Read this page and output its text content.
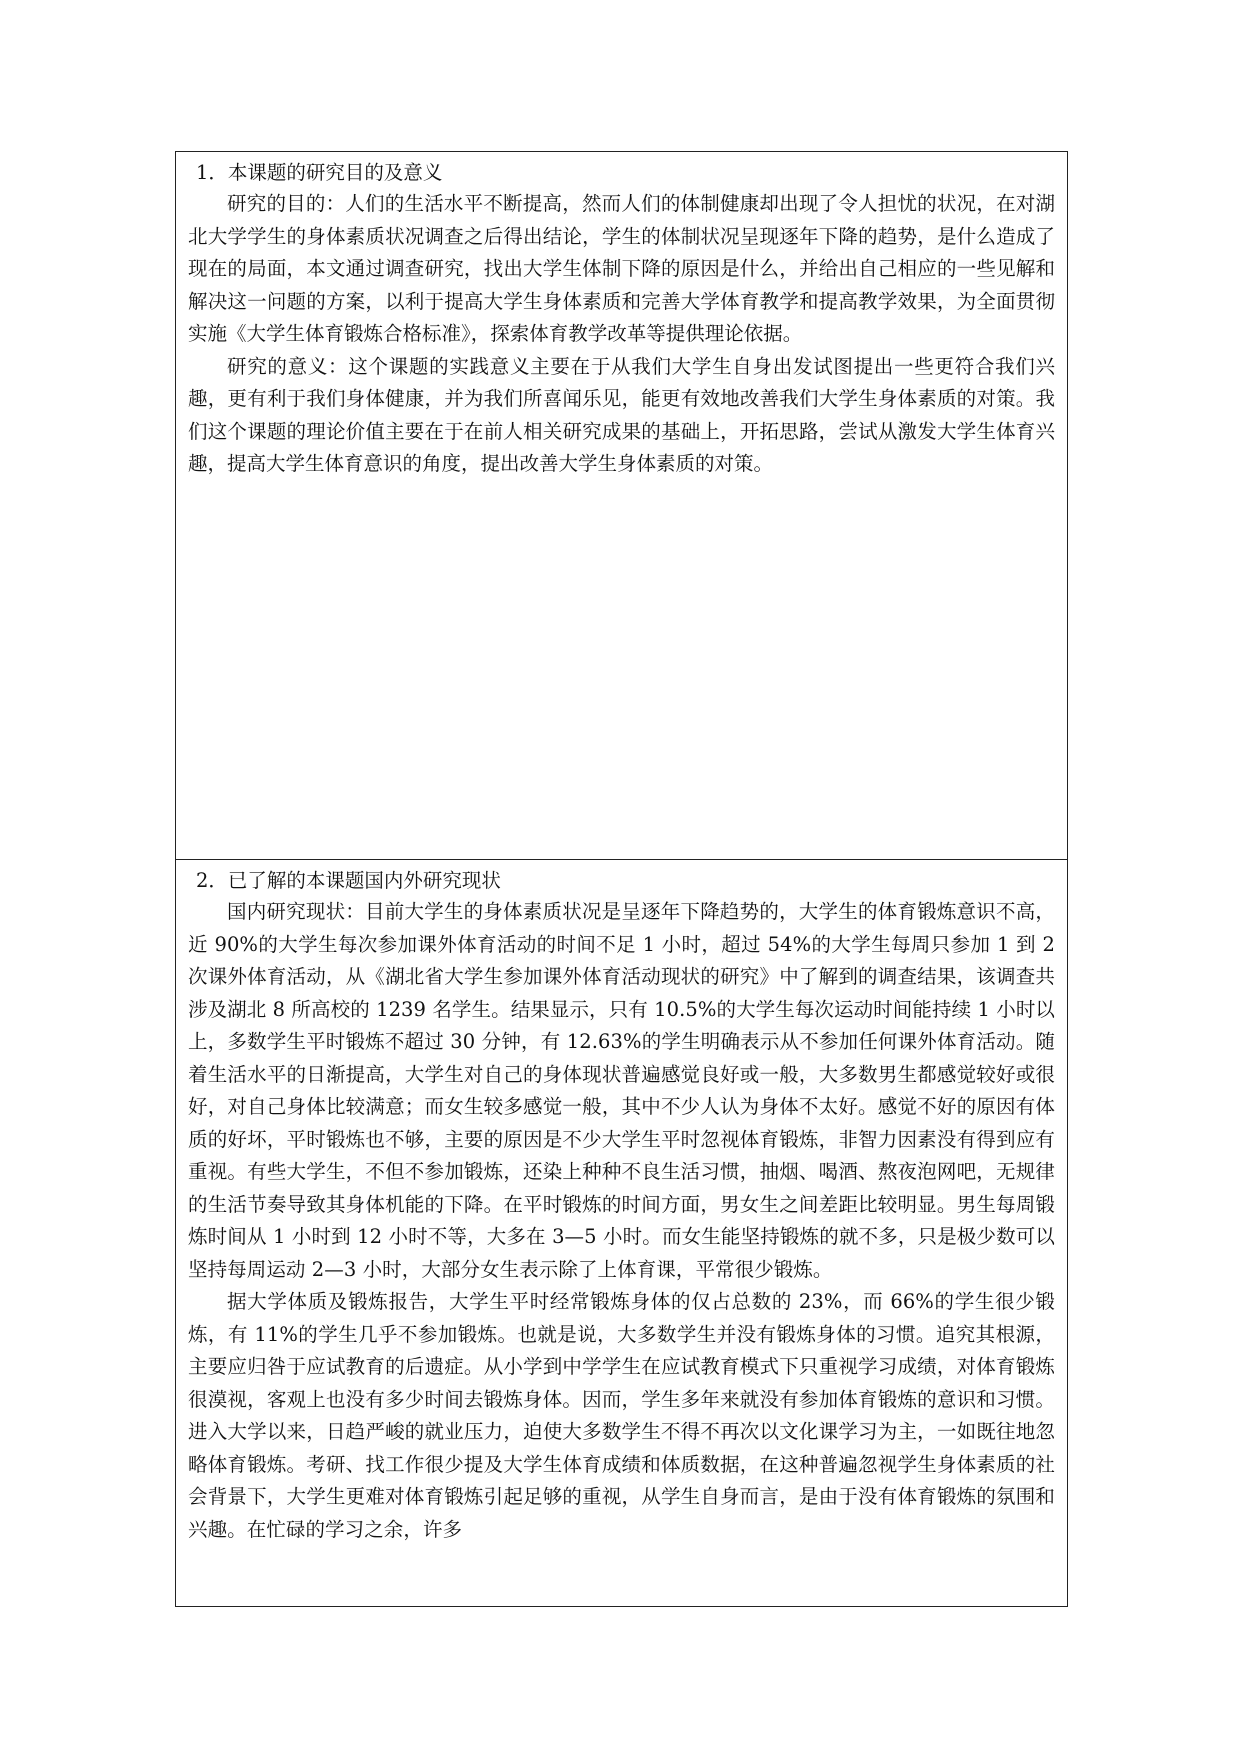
1．本课题的研究目的及意义

研究的目的：人们的生活水平不断提高，然而人们的体制健康却出现了令人担忧的状况，在对湖北大学学生的身体素质状况调查之后得出结论，学生的体制状况呈现逐年下降的趋势，是什么造成了现在的局面，本文通过调查研究，找出大学生体制下降的原因是什么，并给出自己相应的一些见解和解决这一问题的方案，以利于提高大学生身体素质和完善大学体育教学和提高教学效果，为全面贯彻实施《大学生体育锻炼合格标准》，探索体育教学改革等提供理论依据。

研究的意义：这个课题的实践意义主要在于从我们大学生自身出发试图提出一些更符合我们兴趣，更有利于我们身体健康，并为我们所喜闻乐见，能更有效地改善我们大学生身体素质的对策。我们这个课题的理论价值主要在于在前人相关研究成果的基础上，开拓思路，尝试从激发大学生体育兴趣，提高大学生体育意识的角度，提出改善大学生身体素质的对策。

2．已了解的本课题国内外研究现状

国内研究现状：目前大学生的身体素质状况是呈逐年下降趋势的，大学生的体育锻炼意识不高，近 90%的大学生每次参加课外体育活动的时间不足 1 小时，超过 54%的大学生每周只参加 1 到 2 次课外体育活动，从《湖北省大学生参加课外体育活动现状的研究》中了解到的调查结果，该调查共涉及湖北 8 所高校的 1239 名学生。结果显示，只有 10.5%的大学生每次运动时间能持续 1 小时以上，多数学生平时锻炼不超过 30 分钟，有 12.63%的学生明确表示从不参加任何课外体育活动。随着生活水平的日渐提高，大学生对自己的身体现状普遍感觉良好或一般，大多数男生都感觉较好或很好，对自己身体比较满意；而女生较多感觉一般，其中不少人认为身体不太好。感觉不好的原因有体质的好坏，平时锻炼也不够，主要的原因是不少大学生平时忽视体育锻炼，非智力因素没有得到应有重视。有些大学生，不但不参加锻炼，还染上种种不良生活习惯，抽烟、喝酒、熬夜泡网吧，无规律的生活节奏导致其身体机能的下降。在平时锻炼的时间方面，男女生之间差距比较明显。男生每周锻炼时间从 1 小时到 12 小时不等，大多在 3—5 小时。而女生能坚持锻炼的就不多，只是极少数可以坚持每周运动 2—3 小时，大部分女生表示除了上体育课，平常很少锻炼。

据大学体质及锻炼报告，大学生平时经常锻炼身体的仅占总数的 23%，而 66%的学生很少锻炼，有 11%的学生几乎不参加锻炼。也就是说，大多数学生并没有锻炼身体的习惯。追究其根源，主要应归咎于应试教育的后遗症。从小学到中学学生在应试教育模式下只重视学习成绩，对体育锻炼很漠视，客观上也没有多少时间去锻炼身体。因而，学生多年来就没有参加体育锻炼的意识和习惯。进入大学以来，日趋严峻的就业压力，迫使大多数学生不得不再次以文化课学习为主，一如既往地忽略体育锻炼。考研、找工作很少提及大学生体育成绩和体质数据，在这种普遍忽视学生身体素质的社会背景下，大学生更难对体育锻炼引起足够的重视，从学生自身而言，是由于没有体育锻炼的氛围和兴趣。在忙碌的学习之余，许多
